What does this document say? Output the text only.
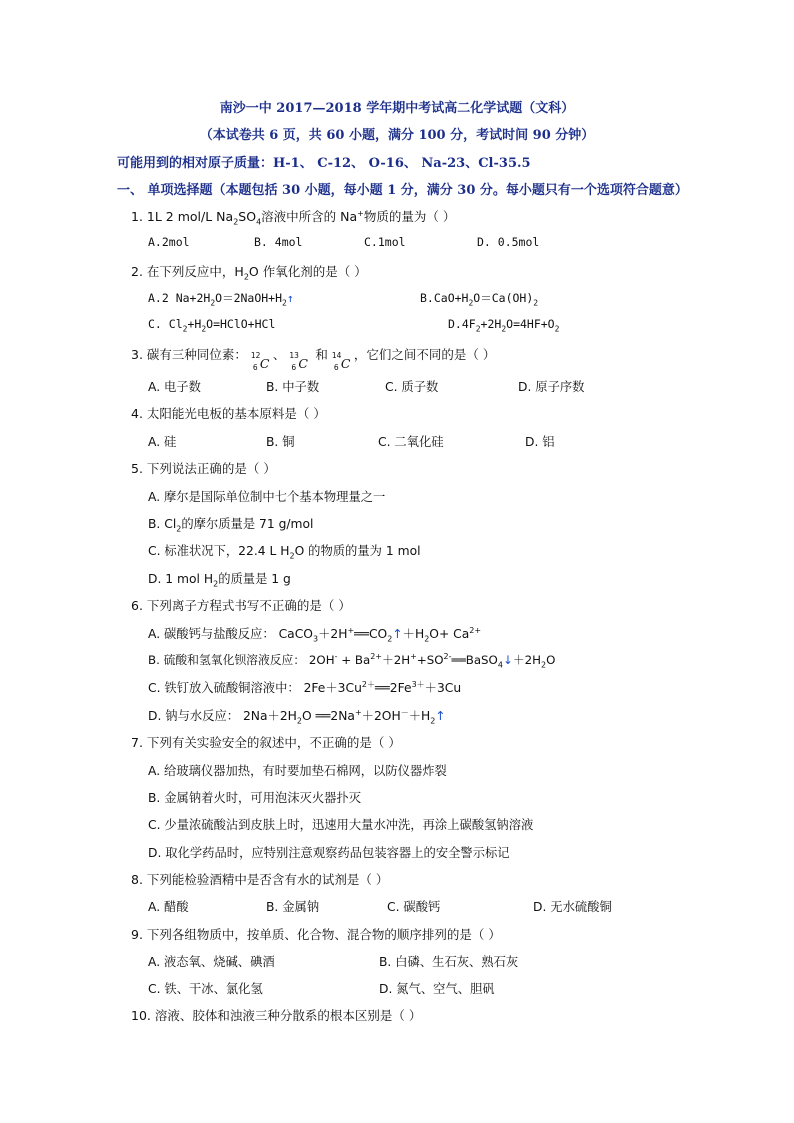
南沙一中 2017—2018 学年期中考试高二化学试题（文科）
（本试卷共 6 页，共 60 小题，满分 100 分，考试时间 90 分钟）
可能用到的相对原子质量：H-1、 C-12、 O-16、 Na-23、Cl-35.5
一、 单项选择题（本题包括 30 小题，每小题 1 分，满分 30 分。每小题只有一个选项符合题意）
1. 1L 2 mol/L $Na_2SO_4$溶液中所含的 Na+物质的量为（ ）
A.2mol	B. 4mol	C.1mol	D. 0.5mol
2. 在下列反应中，$H_2O$ 作氧化剂的是（ ）
A.2 $Na+2H_2O=2NaOH+H_2↑$	$B.CaO+H_2O=Ca(OH)_2$
C. $Cl_2+H_2O=HClO+HCl$	$D.4F_2+2H_2O=4HF+O_2$
3. 碳有三种同位素： 12
6 C
、 13
6 C
和 14
6 C
，它们之间不同的是（ ）
A. 电子数	B. 中子数	C. 质子数	D. 原子序数
4. 太阳能光电板的基本原料是（ ）
A. 硅	B. 铜	C. 二氧化硅	D. 铝
5. 下列说法正确的是（ ）
A. 摩尔是国际单位制中七个基本物理量之一
B. $Cl_2$的摩尔质量是 71 g/mol
C. 标准状况下，22.4 L $H_2O$ 的物质的量为 1 mol
D. 1 mol $H_2$的质量是 1 g
6. 下列离子方程式书写不正确的是（ ）
A. 碳酸钙与盐酸反应： $CaCO_3+2H^+══CO_2↑+H_2O+ Ca^{2+}$
B. 硫酸和氢氧化钡溶液反应： $2OH^- + Ba^{2+}+2H^++SO^{2-}══BaSO_4↓+2H_2O$
C. 铁钉放入硫酸铜溶液中： $2Fe+3Cu^{2+}══2Fe^{3+}+3Cu$
D. 钠与水反应： $2Na+2H_2O$ $══2Na^++2OH^-+H_2↑$
7. 下列有关实验安全的叙述中，不正确的是（ ）
A. 给玻璃仪器加热，有时要加垫石棉网，以防仪器炸裂
B. 金属钠着火时，可用泡沫灭火器扑灭
C. 少量浓硫酸沾到皮肤上时，迅速用大量水冲洗，再涂上碳酸氢钠溶液
D. 取化学药品时，应特别注意观察药品包装容器上的安全警示标记
8. 下列能检验酒精中是否含有水的试剂是（ ）
A. 醋酸	B. 金属钠	C. 碳酸钙	D. 无水硫酸铜
9. 下列各组物质中，按单质、化合物、混合物的顺序排列的是（ ）
A. 液态氧、烧碱、碘酒	B. 白磷、生石灰、熟石灰
C. 铁、干冰、氯化氢	D. 氮气、空气、胆矾
10. 溶液、胶体和浊液三种分散系的根本区别是（ ）
